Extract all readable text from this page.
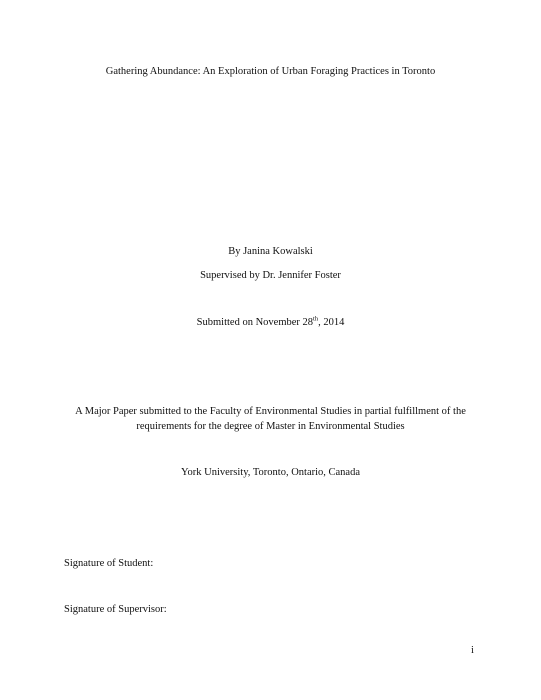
Gathering Abundance: An Exploration of Urban Foraging Practices in Toronto
By Janina Kowalski
Supervised by Dr. Jennifer Foster
Submitted on November 28th, 2014
A Major Paper submitted to the Faculty of Environmental Studies in partial fulfillment of the
requirements for the degree of Master in Environmental Studies
York University, Toronto, Ontario, Canada
Signature of Student:
Signature of Supervisor:
i
